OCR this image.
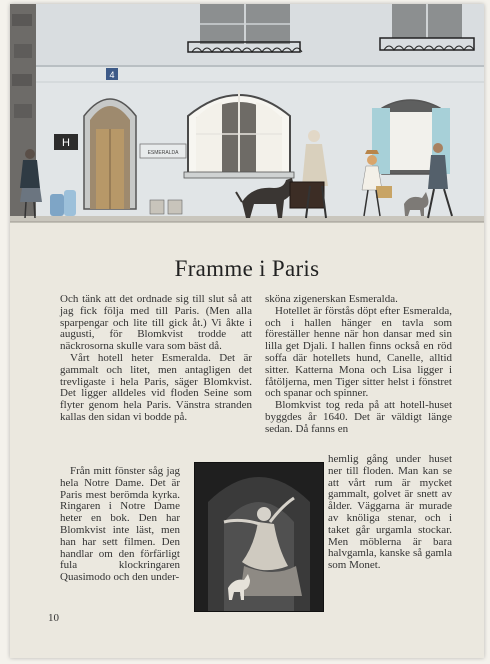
4
H
ESMERALDA
Framme i Paris

Och tänk att det ordnade sig till slut så att jag fick följa med till Paris. (Men alla sparpengar och lite till gick åt.) Vi åkte i augusti, för Blomkvist trodde att näckrosorna skulle vara som bäst då.

Vårt hotell heter Esmeralda. Det är gammalt och litet, men antagligen det trevligaste i hela Paris, säger Blomkvist. Det ligger alldeles vid floden Seine som flyter genom hela Paris. Vänstra stranden kallas den sidan vi bodde på.

Från mitt fönster såg jag hela Notre Dame. Det är Paris mest berömda kyrka. Ringaren i Notre Dame heter en bok. Den har Blomkvist inte läst, men han har sett filmen. Den handlar om den förfärligt fula klockringaren Quasimodo och den under-

sköna zigenerskan Esmeralda.

Hotellet är förstås döpt efter Esmeralda, och i hallen hänger en tavla som föreställer henne när hon dansar med sin lilla get Djali. I hallen finns också en röd soffa där hotellets hund, Canelle, alltid sitter. Katterna Mona och Lisa ligger i fåtöljerna, men Tiger sitter helst i fönstret och spanar och spinner.

Blomkvist tog reda på att hotell-huset byggdes år 1640. Det är väldigt länge sedan. Då fanns en

hemlig gång under huset ner till floden. Man kan se att vårt rum är mycket gammalt, golvet är snett av ålder. Väggarna är murade av knöliga stenar, och i taket går urgamla stockar. Men möblerna är bara halvgamla, kanske så gamla som Monet.

10
